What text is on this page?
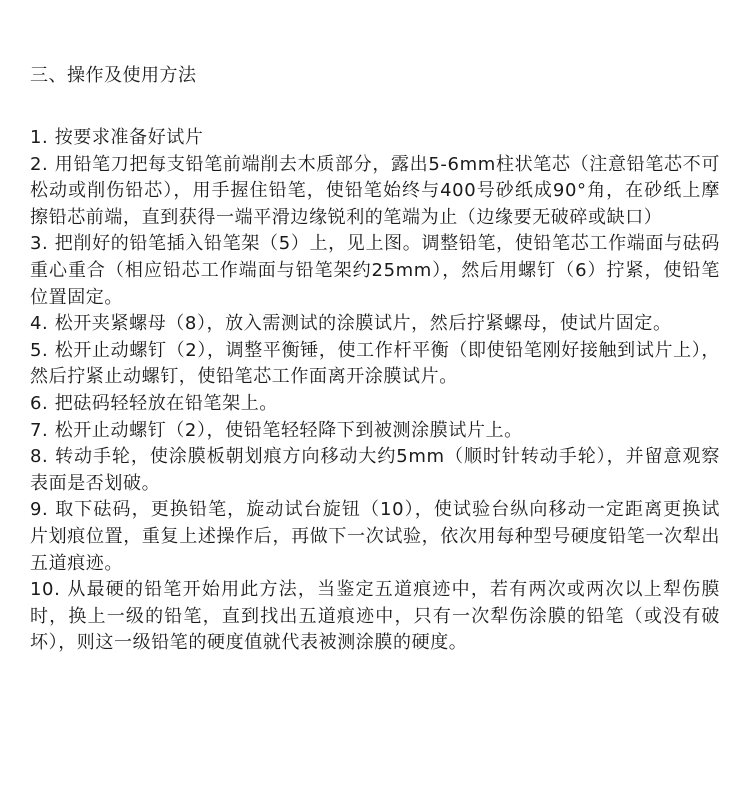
三、操作及使用方法
1. 按要求准备好试片
2. 用铅笔刀把每支铅笔前端削去木质部分，露出5-6mm柱状笔芯（注意铅笔芯不可松动或削伤铅芯），用手握住铅笔，使铅笔始终与400号砂纸成90°角，在砂纸上摩擦铅芯前端，直到获得一端平滑边缘锐利的笔端为止（边缘要无破碎或缺口）
3. 把削好的铅笔插入铅笔架（5）上，见上图。调整铅笔，使铅笔芯工作端面与砝码重心重合（相应铅芯工作端面与铅笔架约25mm），然后用螺钉（6）拧紧，使铅笔位置固定。
4. 松开夹紧螺母（8），放入需测试的涂膜试片，然后拧紧螺母，使试片固定。
5. 松开止动螺钉（2），调整平衡锤，使工作杆平衡（即使铅笔刚好接触到试片上），然后拧紧止动螺钉，使铅笔芯工作面离开涂膜试片。
6. 把砝码轻轻放在铅笔架上。
7. 松开止动螺钉（2），使铅笔轻轻降下到被测涂膜试片上。
8. 转动手轮，使涂膜板朝划痕方向移动大约5mm（顺时针转动手轮），并留意观察表面是否划破。
9. 取下砝码，更换铅笔，旋动试台旋钮（10），使试验台纵向移动一定距离更换试片划痕位置，重复上述操作后，再做下一次试验，依次用每种型号硬度铅笔一次犁出五道痕迹。
10. 从最硬的铅笔开始用此方法，当鉴定五道痕迹中，若有两次或两次以上犁伤膜时，换上一级的铅笔，直到找出五道痕迹中，只有一次犁伤涂膜的铅笔（或没有破坏），则这一级铅笔的硬度值就代表被测涂膜的硬度。
